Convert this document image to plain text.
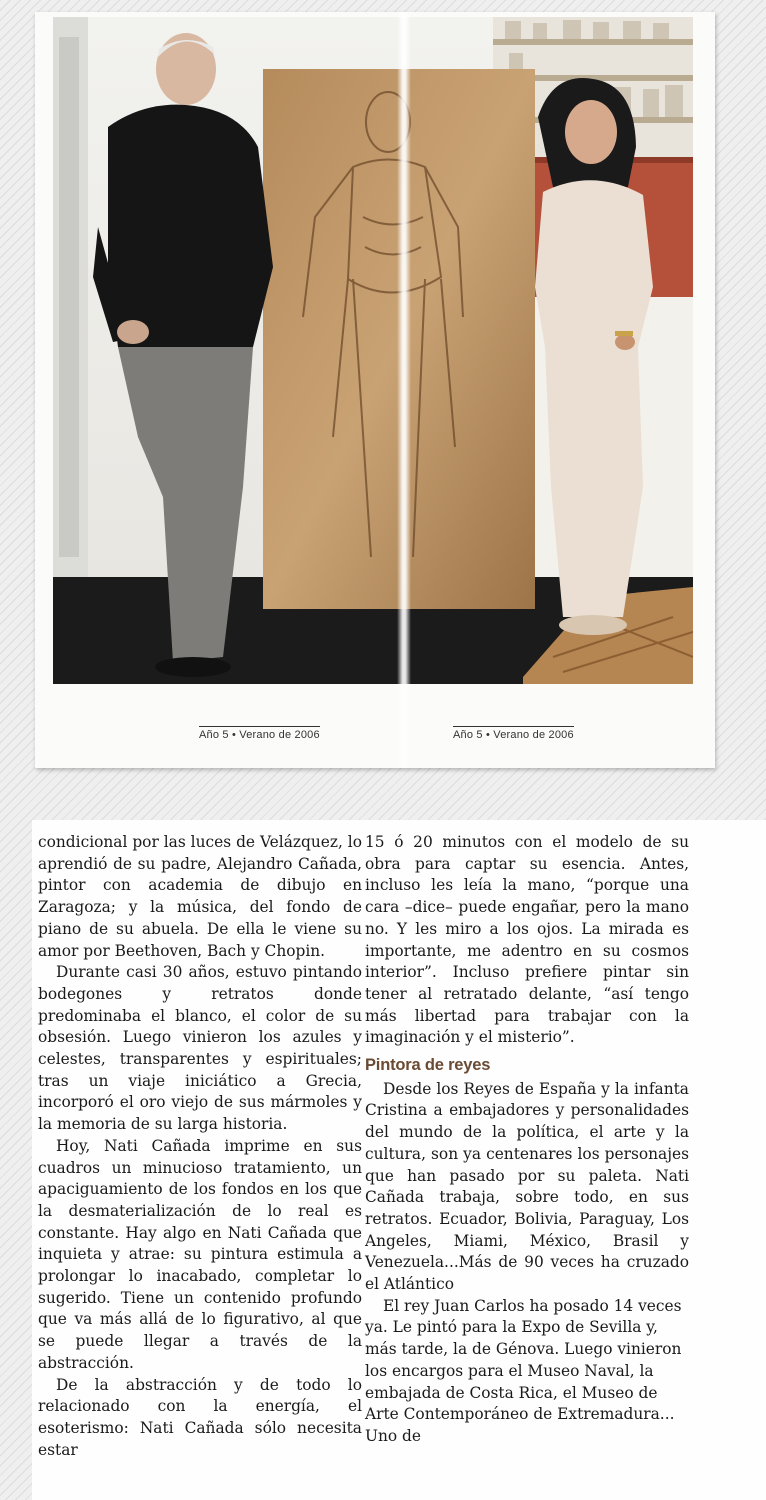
Año 5 • Verano de 2006	Año 5 • Verano de 2006

condicional por las luces de Velázquez, lo aprendió de su padre, Alejandro Cañada, pintor con academia de dibujo en Zaragoza; y la música, del fondo de piano de su abuela. De ella le viene su amor por Beethoven, Bach y Chopin.

Durante casi 30 años, estuvo pintando bodegones y retratos donde predominaba el blanco, el color de su obsesión. Luego vinieron los azules y celestes, transparentes y espirituales; tras un viaje iniciático a Grecia, incorporó el oro viejo de sus mármoles y la memoria de su larga historia.

Hoy, Nati Cañada imprime en sus cuadros un minucioso tratamiento, un apaciguamiento de los fondos en los que la desmaterialización de lo real es constante. Hay algo en Nati Cañada que inquieta y atrae: su pintura estimula a prolongar lo inacabado, completar lo sugerido. Tiene un contenido profundo que va más allá de lo figurativo, al que se puede llegar a través de la abstracción.

De la abstracción y de todo lo relacionado con la energía, el esoterismo: Nati Cañada sólo necesita estar

15 ó 20 minutos con el modelo de su obra para captar su esencia. Antes, incluso les leía la mano, “porque una cara –dice– puede engañar, pero la mano no. Y les miro a los ojos. La mirada es importante, me adentro en su cosmos interior”. Incluso prefiere pintar sin tener al retratado delante, “así tengo más libertad para trabajar con la imaginación y el misterio”.

Pintora de reyes

Desde los Reyes de España y la infanta Cristina a embajadores y personalidades del mundo de la política, el arte y la cultura, son ya centenares los personajes que han pasado por su paleta. Nati Cañada trabaja, sobre todo, en sus retratos. Ecuador, Bolivia, Paraguay, Los Angeles, Miami, México, Brasil y Venezuela...Más de 90 veces ha cruzado el Atlántico

El rey Juan Carlos ha posado 14 veces ya. Le pintó para la Expo de Sevilla y, más tarde, la de Génova. Luego vinieron los encargos para el Museo Naval, la embajada de Costa Rica, el Museo de Arte Contemporáneo de Extremadura... Uno de
